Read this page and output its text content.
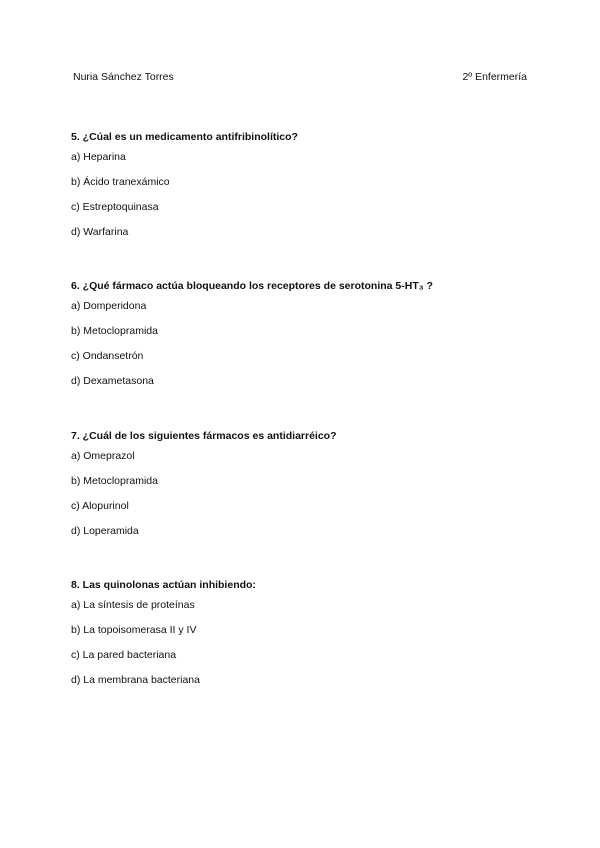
Nuria Sánchez Torres	2º Enfermería
5. ¿Cúal es un medicamento antifribinolítico?
a) Heparina
b) Ácido tranexámico
c) Estreptoquinasa
d) Warfarina
6. ¿Qué fármaco actúa bloqueando los receptores de serotonina 5-HT₃ ?
a) Domperidona
b) Metoclopramida
c) Ondansetrón
d) Dexametasona
7. ¿Cuál de los siguientes fármacos es antidiarréico?
a) Omeprazol
b) Metoclopramida
c) Alopurinol
d) Loperamida
8. Las quinolonas actúan inhibiendo:
a) La síntesis de proteínas
b) La topoisomerasa II y IV
c) La pared bacteriana
d) La membrana bacteriana
